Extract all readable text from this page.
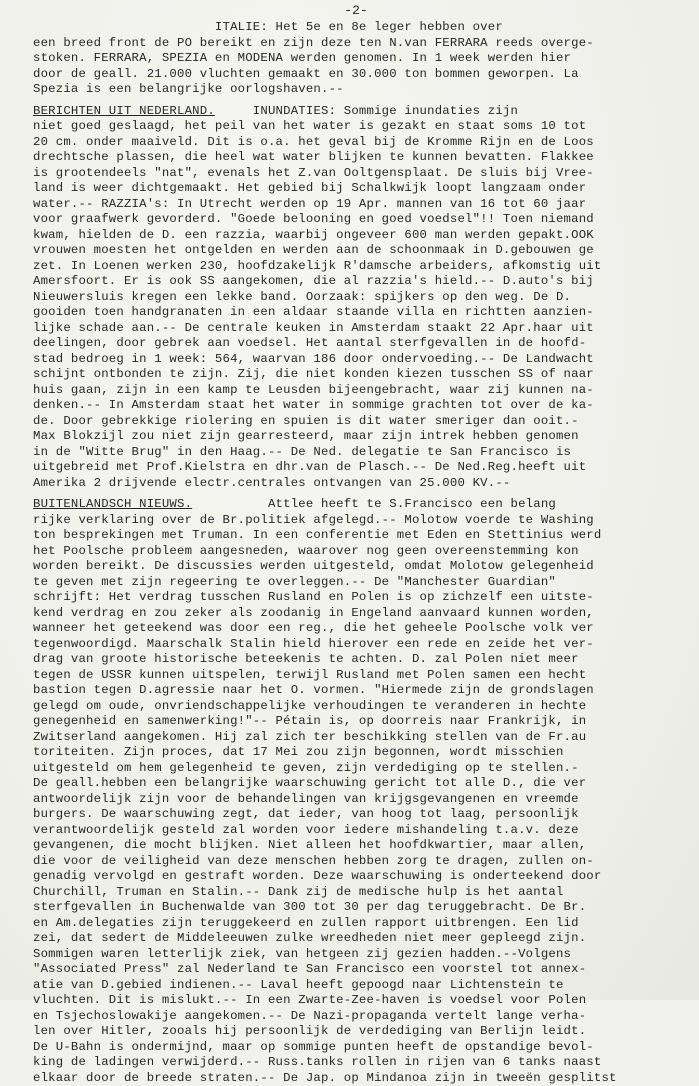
-2-
ITALIE: Het 5e en 8e leger hebben over
een breed front de PO bereikt en zijn deze ten N.van FERRARA reeds overge-
stoken. FERRARA, SPEZIA en MODENA werden genomen. In 1 week werden hier
door de geall. 21.000 vluchten gemaakt en 30.000 ton bommen geworpen. La
Spezia is een belangrijke oorlogshaven.--
BERICHTEN UIT NEDERLAND.     INUNDATIES: Sommige inundaties zijn
niet goed geslaagd, het peil van het water is gezakt en staat soms 10 tot
20 cm. onder maaiveld. Dit is o.a. het geval bij de Kromme Rijn en de Loos
drechtsche plassen, die heel wat water blijken te kunnen bevatten. Flakkee
is grootendeels "nat", evenals het Z.van Ooltgensplaat. De sluis bij Vree-
land is weer dichtgemaakt. Het gebied bij Schalkwijk loopt langzaam onder
water.-- RAZZIA's: In Utrecht werden op 19 Apr. mannen van 16 tot 60 jaar
voor graafwerk gevorderd. "Goede belooning en goed voedsel"!! Toen niemand
kwam, hielden de D. een razzia, waarbij ongeveer 600 man werden gepakt.OOK
vrouwen moesten het ontgelden en werden aan de schoonmaak in D.gebouwen ge
zet. In Loenen werken 230, hoofdzakelijk R'damsche arbeiders, afkomstig uit
Amersfoort. Er is ook SS aangekomen, die al razzia's hield.-- D.auto's bij
Nieuwersluis kregen een lekke band. Oorzaak: spijkers op den weg. De D.
gooiden toen handgranaten in een aldaar staande villa en richtten aanzien-
lijke schade aan.-- De centrale keuken in Amsterdam staakt 22 Apr.haar uit
deelingen, door gebrek aan voedsel. Het aantal sterfgevallen in de hoofd-
stad bedroeg in 1 week: 564, waarvan 186 door ondervoeding.-- De Landwacht
schijnt ontbonden te zijn. Zij, die niet konden kiezen tusschen SS of naar
huis gaan, zijn in een kamp te Leusden bijeengebracht, waar zij kunnen na-
denken.-- In Amsterdam staat het water in sommige grachten tot over de ka-
de. Door gebrekkige riolering en spuien is dit water smeriger dan ooit.-
Max Blokzijl zou niet zijn gearresteerd, maar zijn intrek hebben genomen
in de "Witte Brug" in den Haag.-- De Ned. delegatie te San Francisco is
uitgebreid met Prof.Kielstra en dhr.van de Plasch.-- De Ned.Reg.heeft uit
Amerika 2 drijvende electr.centrales ontvangen van 25.000 KV.--
BUITENLANDSCH NIEUWS.          Attlee heeft te S.Francisco een belang
rijke verklaring over de Br.politiek afgelegd.-- Molotow voerde te Washing
ton besprekingen met Truman. In een conferentie met Eden en Stettinius werd
het Poolsche probleem aangesneden, waarover nog geen overeenstemming kon
worden bereikt. De discussies werden uitgesteld, omdat Molotow gelegenheid
te geven met zijn regeering te overleggen.-- De "Manchester Guardian"
schrijft: Het verdrag tusschen Rusland en Polen is op zichzelf een uitste-
kend verdrag en zou zeker als zoodanig in Engeland aanvaard kunnen worden,
wanneer het geteekend was door een reg., die het geheele Poolsche volk ver
tegenwoordigd. Maarschalk Stalin hield hierover een rede en zeide het ver-
drag van groote historische beteekenis te achten. D. zal Polen niet meer
tegen de USSR kunnen uitspelen, terwijl Rusland met Polen samen een hecht
bastion tegen D.agressie naar het O. vormen. "Hiermede zijn de grondslagen
gelegd om oude, onvriendschappelijke verhoudingen te veranderen in hechte
genegenheid en samenwerking!"-- Pétain is, op doorreis naar Frankrijk, in
Zwitserland aangekomen. Hij zal zich ter beschikking stellen van de Fr.au
toriteiten. Zijn proces, dat 17 Mei zou zijn begonnen, wordt misschien
uitgesteld om hem gelegenheid te geven, zijn verdediging op te stellen.-
De geall.hebben een belangrijke waarschuwing gericht tot alle D., die ver
antwoordelijk zijn voor de behandelingen van krijgsgevangenen en vreemde
burgers. De waarschuwing zegt, dat ieder, van hoog tot laag, persoonlijk
verantwoordelijk gesteld zal worden voor iedere mishandeling t.a.v. deze
gevangenen, die mocht blijken. Niet alleen het hoofdkwartier, maar allen,
die voor de veiligheid van deze menschen hebben zorg te dragen, zullen on-
genadig vervolgd en gestraft worden. Deze waarschuwing is onderteekend door
Churchill, Truman en Stalin.-- Dank zij de medische hulp is het aantal
sterfgevallen in Buchenwalde van 300 tot 30 per dag teruggebracht. De Br.
en Am.delegaties zijn teruggekeerd en zullen rapport uitbrengen. Een lid
zei, dat sedert de Middeleeuwen zulke wreedheden niet meer gepleegd zijn.
Sommigen waren letterlijk ziek, van hetgeen zij gezien hadden.--Volgens
"Associated Press" zal Nederland te San Francisco een voorstel tot annex-
atie van D.gebied indienen.-- Laval heeft gepoogd naar Lichtenstein te
vluchten. Dit is mislukt.-- In een Zwarte-Zee-haven is voedsel voor Polen
en Tsjechoslowakije aangekomen.-- De Nazi-propaganda vertelt lange verha-
len over Hitler, zooals hij persoonlijk de verdediging van Berlijn leidt.
De U-Bahn is ondermijnd, maar op sommige punten heeft de opstandige bevol-
king de ladingen verwijderd.-- Russ.tanks rollen in rijen van 6 tanks naast
elkaar door de breede straten.-- De Jap. op Mindanoa zijn in tweeën gesplitst
